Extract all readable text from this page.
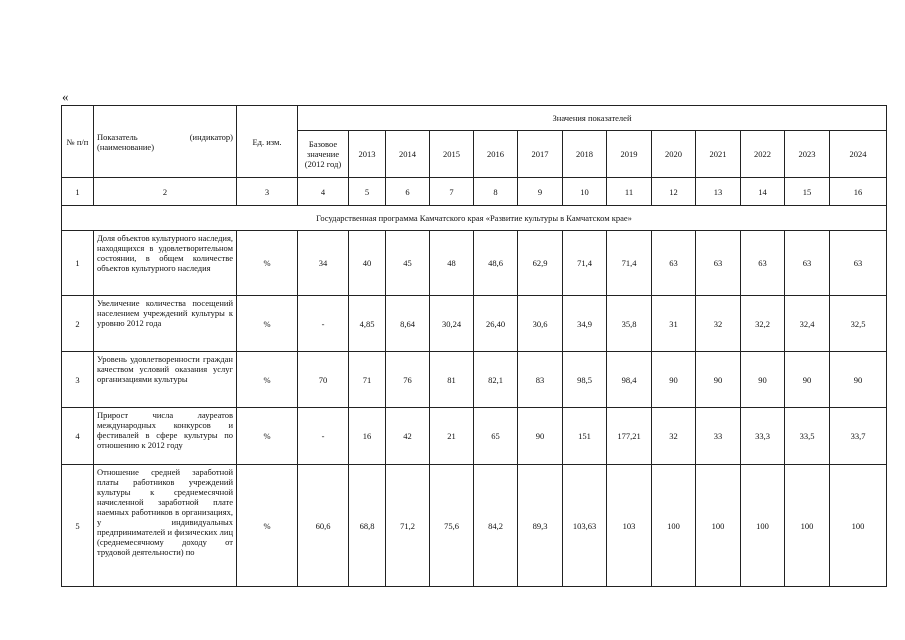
«
№ п/п	Показатель (индикатор) (наименование)	Ед. изм.	Значения показателей												
			Базовое значение (2012 год)	2013	2014	2015	2016	2017	2018	2019	2020	2021	2022	2023	2024
1	2	3	4	5	6	7	8	9	10	11	12	13	14	15	16
Государственная программа Камчатского края «Развитие культуры в Камчатском крае»															
1	Доля объектов культурного наследия, находящихся в удовлетворительном состоянии, в общем количестве объектов культурного наследия	%	34	40	45	48	48,6	62,9	71,4	71,4	63	63	63	63	63
2	Увеличение количества посещений населением учреждений культуры к уровню 2012 года	%	-	4,85	8,64	30,24	26,40	30,6	34,9	35,8	31	32	32,2	32,4	32,5
3	Уровень удовлетворенности граждан качеством условий оказания услуг организациями культуры	%	70	71	76	81	82,1	83	98,5	98,4	90	90	90	90	90
4	Прирост числа лауреатов международных конкурсов и фестивалей в сфере культуры по отношению к 2012 году	%	-	16	42	21	65	90	151	177,21	32	33	33,3	33,5	33,7
5	Отношение средней заработной платы работников учреждений культуры к среднемесячной начисленной заработной плате наемных работников в организациях, у индивидуальных предпринимателей и физических лиц (среднемесячному доходу от трудовой деятельности) по	%	60,6	68,8	71,2	75,6	84,2	89,3	103,63	103	100	100	100	100	100
